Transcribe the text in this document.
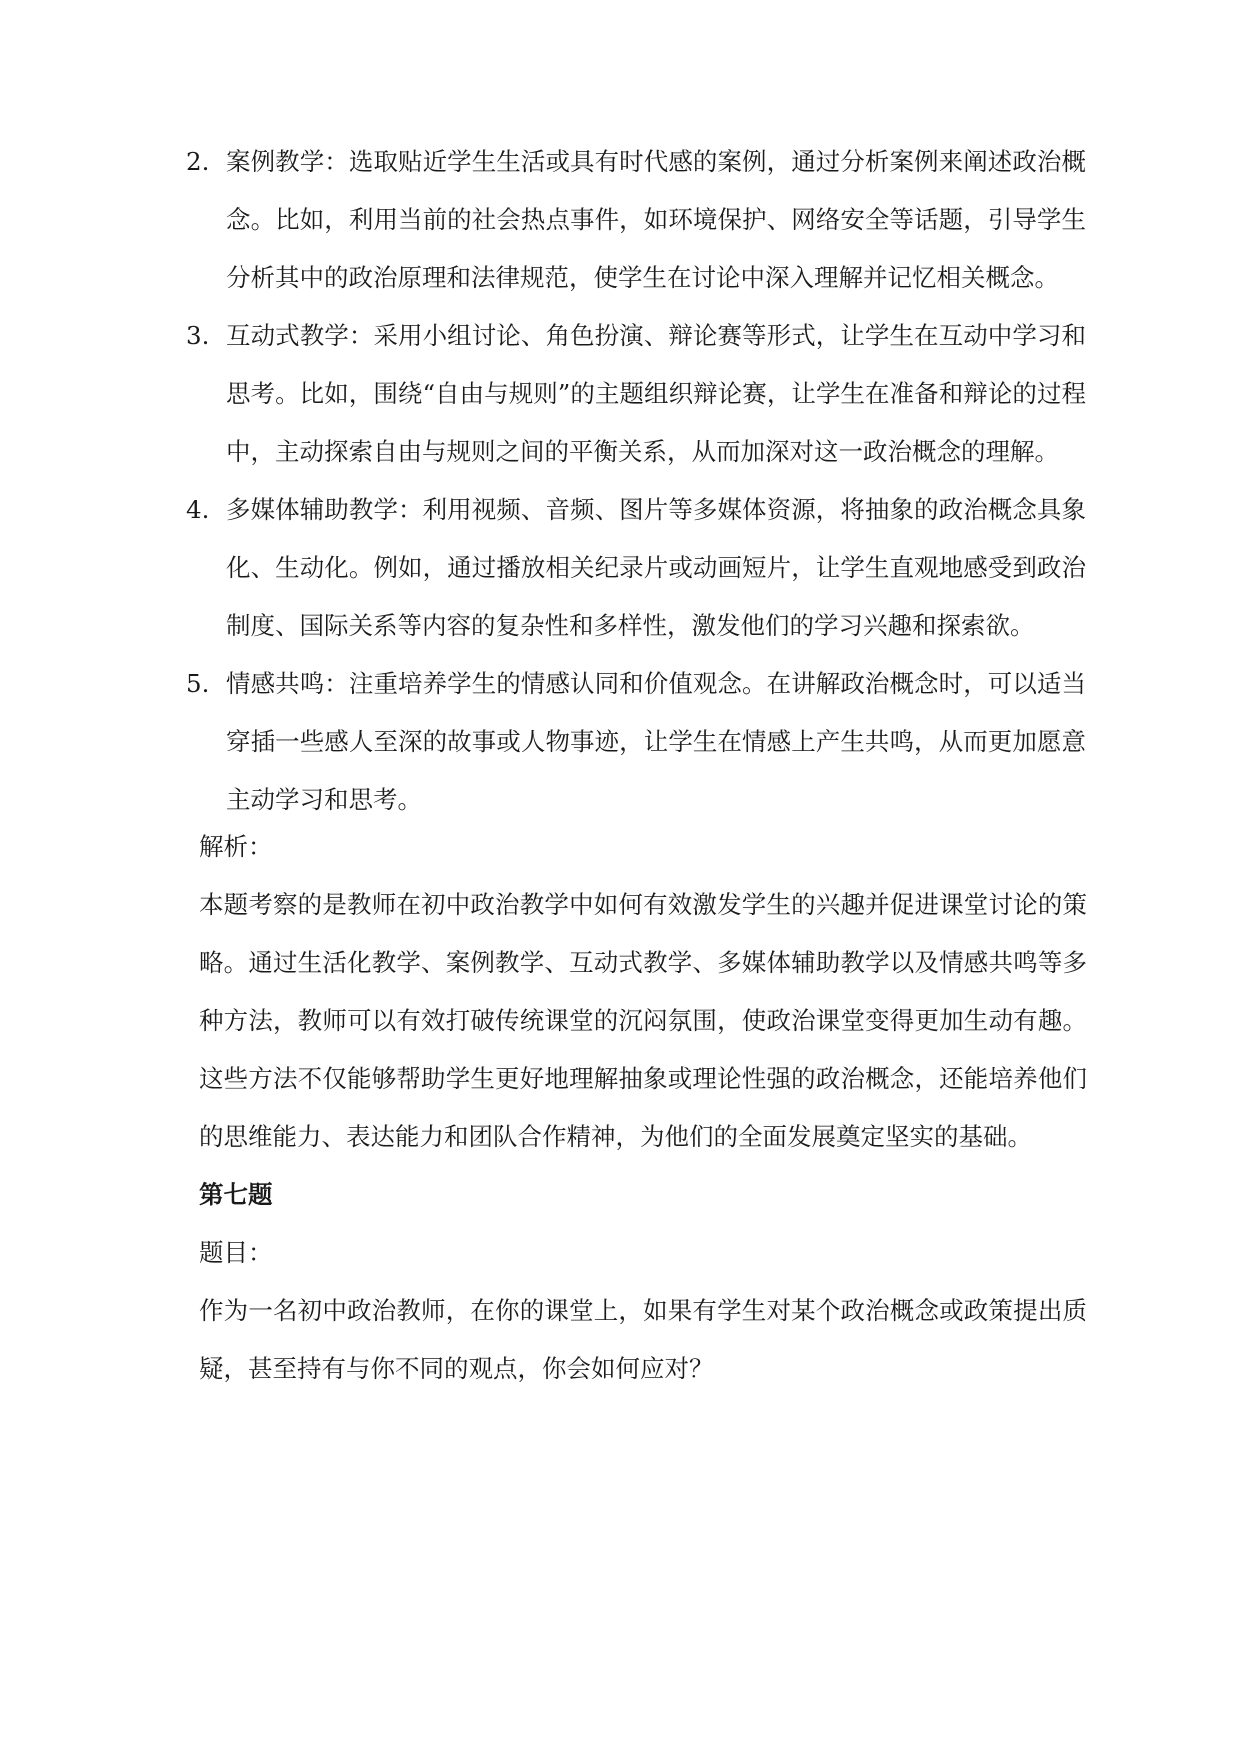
2. 案例教学：选取贴近学生生活或具有时代感的案例，通过分析案例来阐述政治概念。比如，利用当前的社会热点事件，如环境保护、网络安全等话题，引导学生分析其中的政治原理和法律规范，使学生在讨论中深入理解并记忆相关概念。
3. 互动式教学：采用小组讨论、角色扮演、辩论赛等形式，让学生在互动中学习和思考。比如，围绕“自由与规则”的主题组织辩论赛，让学生在准备和辩论的过程中，主动探索自由与规则之间的平衡关系，从而加深对这一政治概念的理解。
4. 多媒体辅助教学：利用视频、音频、图片等多媒体资源，将抽象的政治概念具象化、生动化。例如，通过播放相关纪录片或动画短片，让学生直观地感受到政治制度、国际关系等内容的复杂性和多样性，激发他们的学习兴趣和探索欲。
5. 情感共鸣：注重培养学生的情感认同和价值观念。在讲解政治概念时，可以适当穿插一些感人至深的故事或人物事迹，让学生在情感上产生共鸣，从而更加愿意主动学习和思考。

解析：

本题考察的是教师在初中政治教学中如何有效激发学生的兴趣并促进课堂讨论的策略。通过生活化教学、案例教学、互动式教学、多媒体辅助教学以及情感共鸣等多种方法，教师可以有效打破传统课堂的沉闷氛围，使政治课堂变得更加生动有趣。这些方法不仅能够帮助学生更好地理解抽象或理论性强的政治概念，还能培养他们的思维能力、表达能力和团队合作精神，为他们的全面发展奠定坚实的基础。

第七题

题目：

作为一名初中政治教师，在你的课堂上，如果有学生对某个政治概念或政策提出质疑，甚至持有与你不同的观点，你会如何应对？
